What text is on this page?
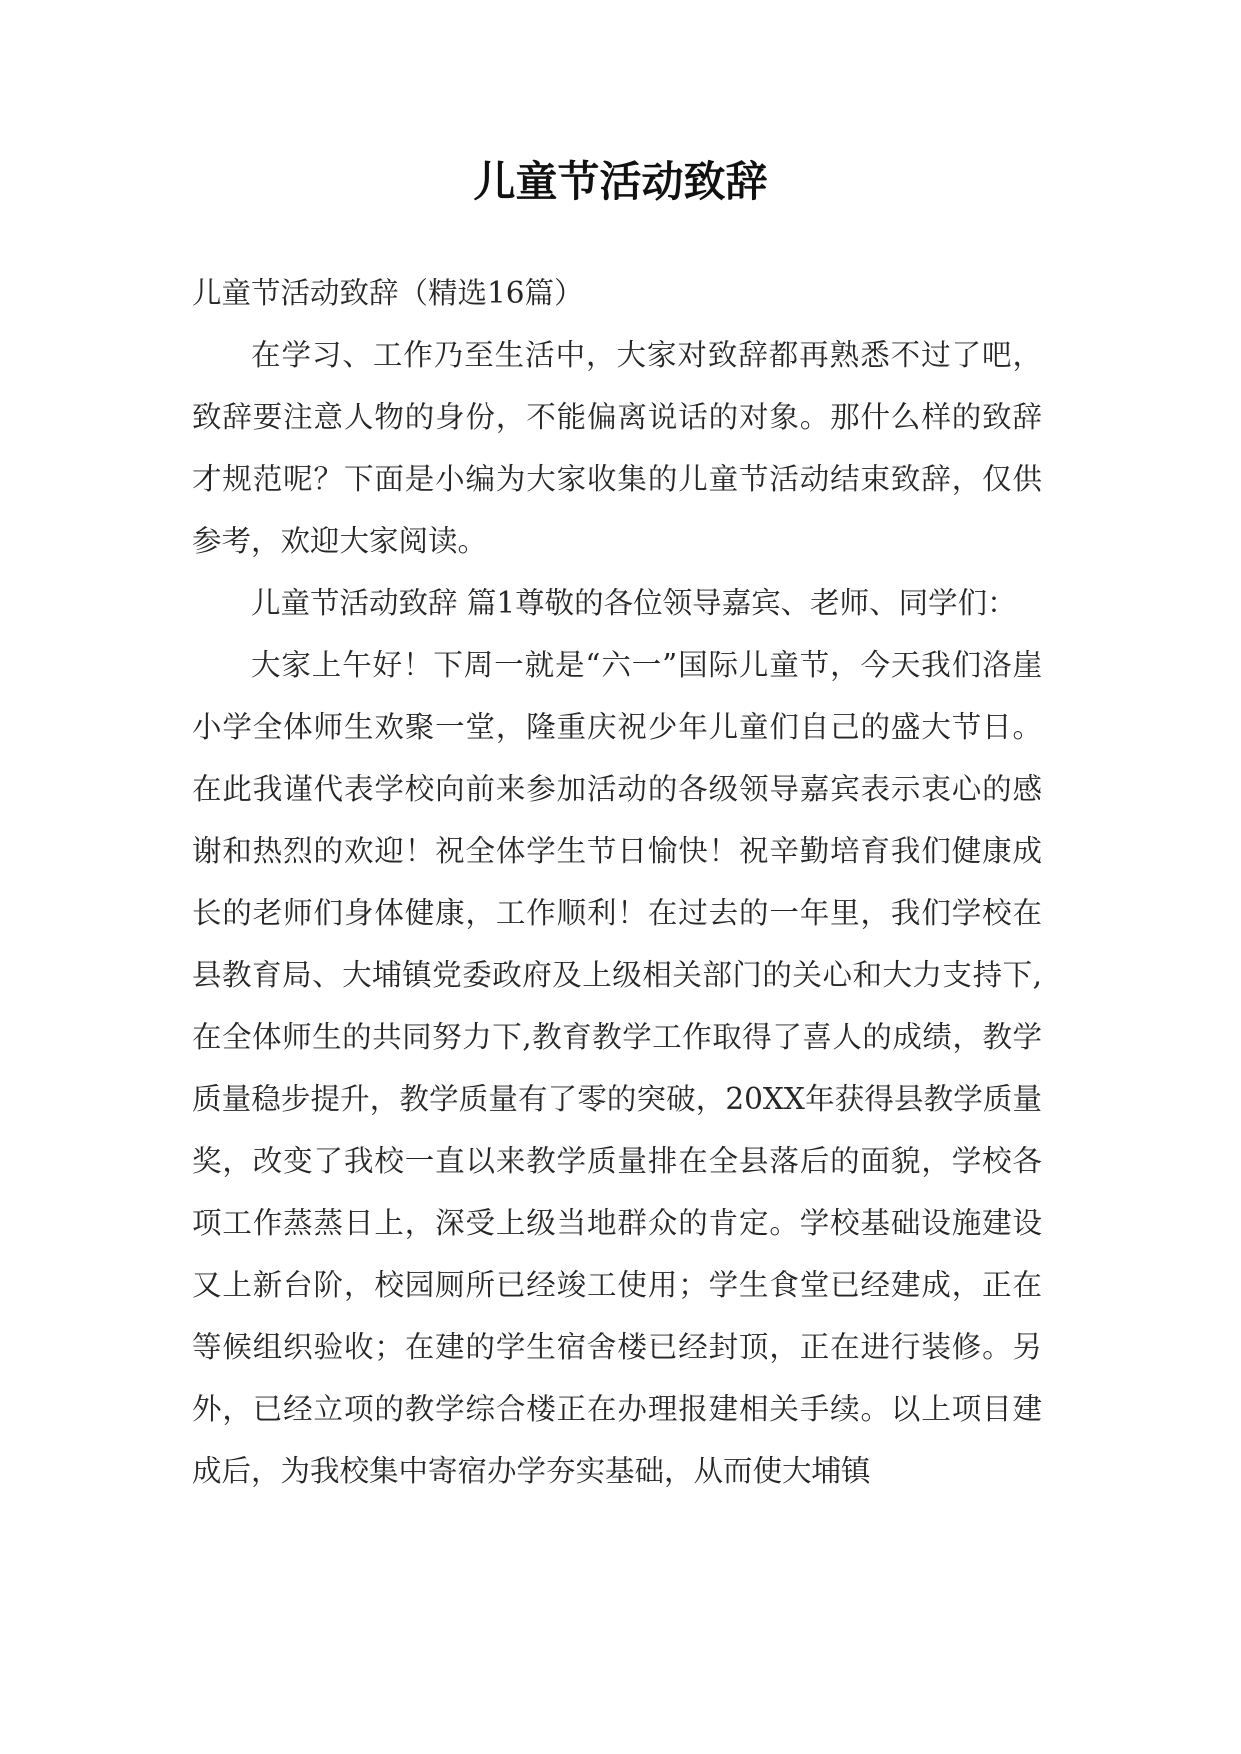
儿童节活动致辞

儿童节活动致辞（精选16篇）

在学习、工作乃至生活中，大家对致辞都再熟悉不过了吧，致辞要注意人物的身份，不能偏离说话的对象。那什么样的致辞才规范呢？下面是小编为大家收集的儿童节活动结束致辞，仅供参考，欢迎大家阅读。

儿童节活动致辞 篇1尊敬的各位领导嘉宾、老师、同学们：

大家上午好！下周一就是“六一”国际儿童节，今天我们洛崖小学全体师生欢聚一堂，隆重庆祝少年儿童们自己的盛大节日。在此我谨代表学校向前来参加活动的各级领导嘉宾表示衷心的感谢和热烈的欢迎！祝全体学生节日愉快！祝辛勤培育我们健康成长的老师们身体健康，工作顺利！在过去的一年里，我们学校在县教育局、大埔镇党委政府及上级相关部门的关心和大力支持下,在全体师生的共同努力下,教育教学工作取得了喜人的成绩，教学质量稳步提升，教学质量有了零的突破，20XX年获得县教学质量奖，改变了我校一直以来教学质量排在全县落后的面貌，学校各项工作蒸蒸日上，深受上级当地群众的肯定。学校基础设施建设又上新台阶，校园厕所已经竣工使用；学生食堂已经建成，正在等候组织验收；在建的学生宿舍楼已经封顶，正在进行装修。另外，已经立项的教学综合楼正在办理报建相关手续。以上项目建成后，为我校集中寄宿办学夯实基础，从而使大埔镇
